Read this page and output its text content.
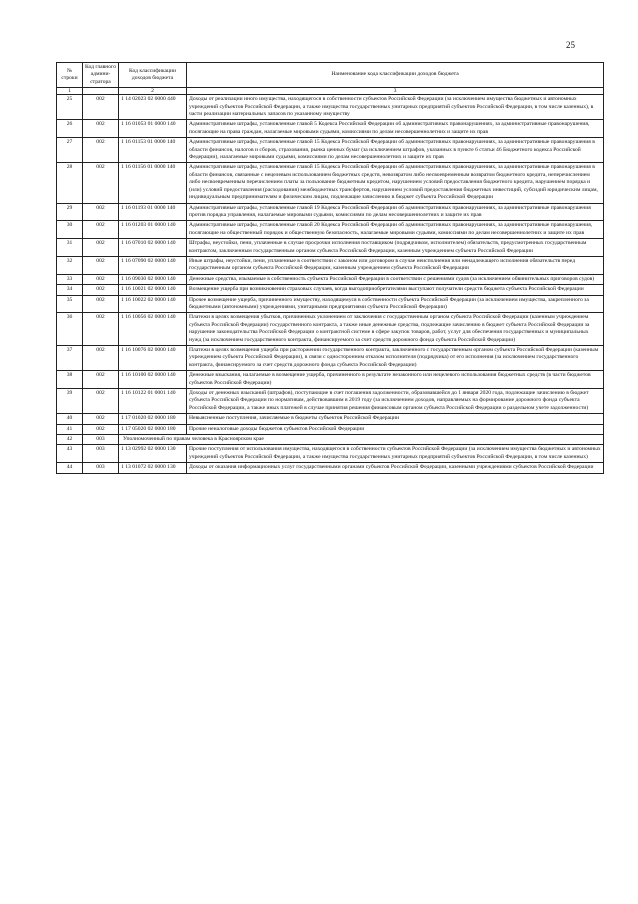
25
№ строки	Код главного админи-стратора	Код классификации доходов бюджета	Наименование кода классификации доходов бюджета
1		2	3
25	002	1 14 02023 02 0000 440	Доходы от реализации иного имущества, находящегося в собственности субъектов Российской Федерации (за исключением имущества бюджетных и автономных учреждений субъектов Российской Федерации, а также имущества государственных унитарных предприятий субъектов Российской Федерации, в том числе казенных), в части реализации материальных запасов по указанному имуществу
26	002	1 16 01053 01 0000 140	Административные штрафы, установленные главой 5 Кодекса Российской Федерации об административных правонарушениях, за административные правонарушения, посягающие на права граждан, налагаемые мировыми судьями, комиссиями по делам несовершеннолетних и защите их прав
27	002	1 16 01153 01 0000 140	Административные штрафы, установленные главой 15 Кодекса Российской Федерации об административных правонарушениях, за административные правонарушения в области финансов, налогов и сборов, страхования, рынка ценных бумаг (за исключением штрафов, указанных в пункте 6 статьи 46 Бюджетного кодекса Российской Федерации), налагаемые мировыми судьями, комиссиями по делам несовершеннолетних и защите их прав
28	002	1 16 01156 01 0000 140	Административные штрафы, установленные главой 15 Кодекса Российской Федерации об административных правонарушениях, за административные правонарушения в области финансов, связанные с нецелевым использованием бюджетных средств, невозвратом либо несвоевременным возвратом бюджетного кредита, неперечислением либо несвоевременным перечислением платы за пользование бюджетным кредитом, нарушением условий предоставления бюджетного кредита, нарушением порядка и (или) условий предоставления (расходования) межбюджетных трансфертов, нарушением условий предоставления бюджетных инвестиций, субсидий юридическим лицам, индивидуальным предпринимателям и физическим лицам, подлежащие зачислению в бюджет субъекта Российской Федерации
29	002	1 16 01193 01 0000 140	Административные штрафы, установленные главой 19 Кодекса Российской Федерации об административных правонарушениях, за административные правонарушения против порядка управления, налагаемые мировыми судьями, комиссиями по делам несовершеннолетних и защите их прав
30	002	1 16 01203 01 0000 140	Административные штрафы, установленные главой 20 Кодекса Российской Федерации об административных правонарушениях, за административные правонарушения, посягающие на общественный порядок и общественную безопасность, налагаемые мировыми судьями, комиссиями по делам несовершеннолетних и защите их прав
31	002	1 16 07010 02 0000 140	Штрафы, неустойки, пени, уплаченные в случае просрочки исполнения поставщиком (подрядчиком, исполнителем) обязательств, предусмотренных государственным контрактом, заключенным государственным органом субъекта Российской Федерации, казенным учреждением субъекта Российской Федерации
32	002	1 16 07090 02 0000 140	Иные штрафы, неустойки, пени, уплаченные в соответствии с законом или договором в случае неисполнения или ненадлежащего исполнения обязательств перед государственным органом субъекта Российской Федерации, казенным учреждением субъекта Российской Федерации
33	002	1 16 09030 02 0000 140	Денежные средства, изымаемые в собственность субъекта Российской Федерации в соответствии с решениями судов (за исключением обвинительных приговоров судов)
34	002	1 16 10021 02 0000 140	Возмещение ущерба при возникновении страховых случаев, когда выгодоприобретателями выступают получатели средств бюджета субъекта Российской Федерации
35	002	1 16 10022 02 0000 140	Прочее возмещение ущерба, причиненного имуществу, находящемуся в собственности субъекта Российской Федерации (за исключением имущества, закрепленного за бюджетными (автономными) учреждениями, унитарными предприятиями субъекта Российской Федерации)
36	002	1 16 10056 02 0000 140	Платежи в целях возмещения убытков, причиненных уклонением от заключения с государственным органом субъекта Российской Федерации (казенным учреждением субъекта Российской Федерации) государственного контракта, а также иные денежные средства, подлежащие зачислению в бюджет субъекта Российской Федерации за нарушение законодательства Российской Федерации о контрактной системе в сфере закупок товаров, работ, услуг для обеспечения государственных и муниципальных нужд (за исключением государственного контракта, финансируемого за счет средств дорожного фонда субъекта Российской Федерации)
37	002	1 16 10076 02 0000 140	Платежи в целях возмещения ущерба при расторжении государственного контракта, заключенного с государственным органом субъекта Российской Федерации (казенным учреждением субъекта Российской Федерации), в связи с односторонним отказом исполнителя (подрядчика) от его исполнения (за исключением государственного контракта, финансируемого за счет средств дорожного фонда субъекта Российской Федерации)
38	002	1 16 10100 02 0000 140	Денежные взыскания, налагаемые в возмещение ущерба, причиненного в результате незаконного или нецелевого использования бюджетных средств (в части бюджетов субъектов Российской Федерации)
39	002	1 16 10122 01 0001 140	Доходы от денежных взысканий (штрафов), поступающие в счет погашения задолженности, образовавшейся до 1 января 2020 года, подлежащие зачислению в бюджет субъекта Российской Федерации по нормативам, действовавшим в 2019 году (за исключением доходов, направляемых на формирование дорожного фонда субъекта Российской Федерации, а также иных платежей в случае принятия решения финансовым органом субъекта Российской Федерации о раздельном учете задолженности)
40	002	1 17 01020 02 0000 180	Невыясненные поступления, зачисляемые в бюджеты субъектов Российской Федерации
41	002	1 17 05020 02 0000 180	Прочие неналоговые доходы бюджетов субъектов Российской Федерации
42	003	Уполномоченный по правам человека в Красноярском крае	
43	003	1 13 02992 02 0000 130	Прочие поступления от использования имущества, находящегося в собственности субъектов Российской Федерации (за исключением имущества бюджетных и автономных учреждений субъектов Российской Федерации, а также имущества государственных унитарных предприятий субъектов Российской Федерации, в том числе казенных)
44	003	1 13 01072 02 0000 130	Доходы от оказания информационных услуг государственными органами субъектов Российской Федерации, казенными учреждениями субъектов Российской Федерации
